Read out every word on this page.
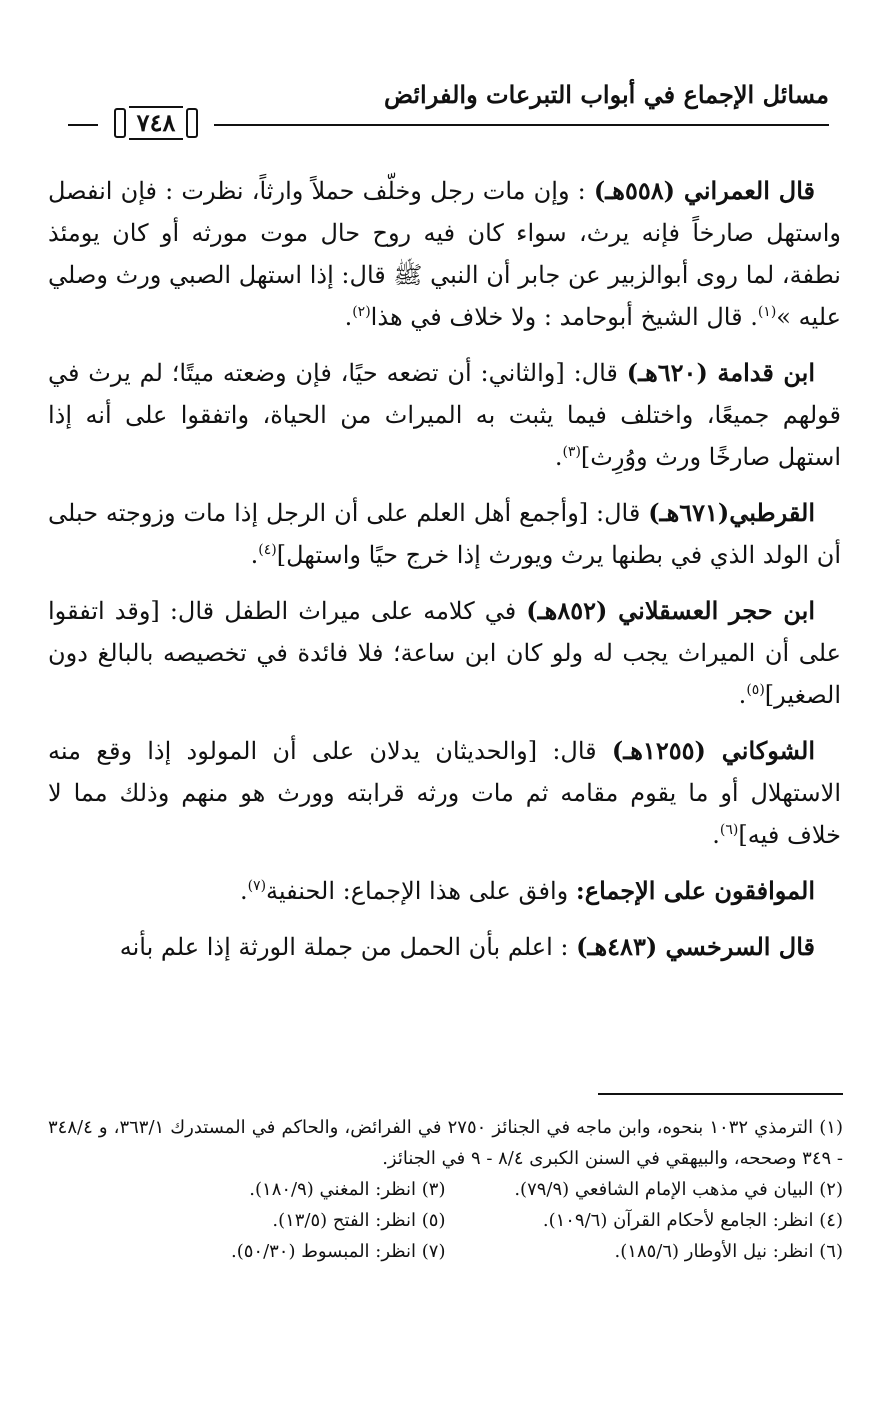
مسائل الإجماع في أبواب التبرعات والفرائض
٧٤٨

قال العمراني (٥٥٨هـ) : وإن مات رجل وخلّف حملاً وارثاً، نظرت : فإن انفصل واستهل صارخاً فإنه يرث، سواء كان فيه روح حال موت مورثه أو كان يومئذ نطفة، لما روى أبوالزبير عن جابر أن النبي ﷺ قال: إذا استهل الصبي ورث وصلي عليه »$^{(١)}$. قال الشيخ أبوحامد : ولا خلاف في هذا$^{(٢)}$.

ابن قدامة (٦٢٠هـ) قال: [والثاني: أن تضعه حيًا، فإن وضعته ميتًا؛ لم يرث في قولهم جميعًا، واختلف فيما يثبت به الميراث من الحياة، واتفقوا على أنه إذا استهل صارخًا ورث ووُرِث]$^{(٣)}$.

القرطبي(٦٧١هـ) قال: [وأجمع أهل العلم على أن الرجل إذا مات وزوجته حبلى أن الولد الذي في بطنها يرث ويورث إذا خرج حيًا واستهل]$^{(٤)}$.

ابن حجر العسقلاني (٨٥٢هـ) في كلامه على ميراث الطفل قال: [وقد اتفقوا على أن الميراث يجب له ولو كان ابن ساعة؛ فلا فائدة في تخصيصه بالبالغ دون الصغير]$^{(٥)}$.

الشوكاني (١٢٥٥هـ) قال: [والحديثان يدلان على أن المولود إذا وقع منه الاستهلال أو ما يقوم مقامه ثم مات ورثه قرابته وورث هو منهم وذلك مما لا خلاف فيه]$^{(٦)}$.

الموافقون على الإجماع: وافق على هذا الإجماع: الحنفية$^{(٧)}$.

قال السرخسي (٤٨٣هـ) : اعلم بأن الحمل من جملة الورثة إذا علم بأنه

(١) الترمذي ١٠٣٢ بنحوه، وابن ماجه في الجنائز ٢٧٥٠ في الفرائض، والحاكم في المستدرك ٣٦٣/١، و ٣٤٨/٤ - ٣٤٩ وصححه، والبيهقي في السنن الكبرى ٨/٤ - ٩ في الجنائز.

(٢) البيان في مذهب الإمام الشافعي (٧٩/٩).

(٣) انظر: المغني (١٨٠/٩).

(٤) انظر: الجامع لأحكام القرآن (١٠٩/٦).

(٥) انظر: الفتح (١٣/٥).

(٦) انظر: نيل الأوطار (١٨٥/٦).

(٧) انظر: المبسوط (٥٠/٣٠).
